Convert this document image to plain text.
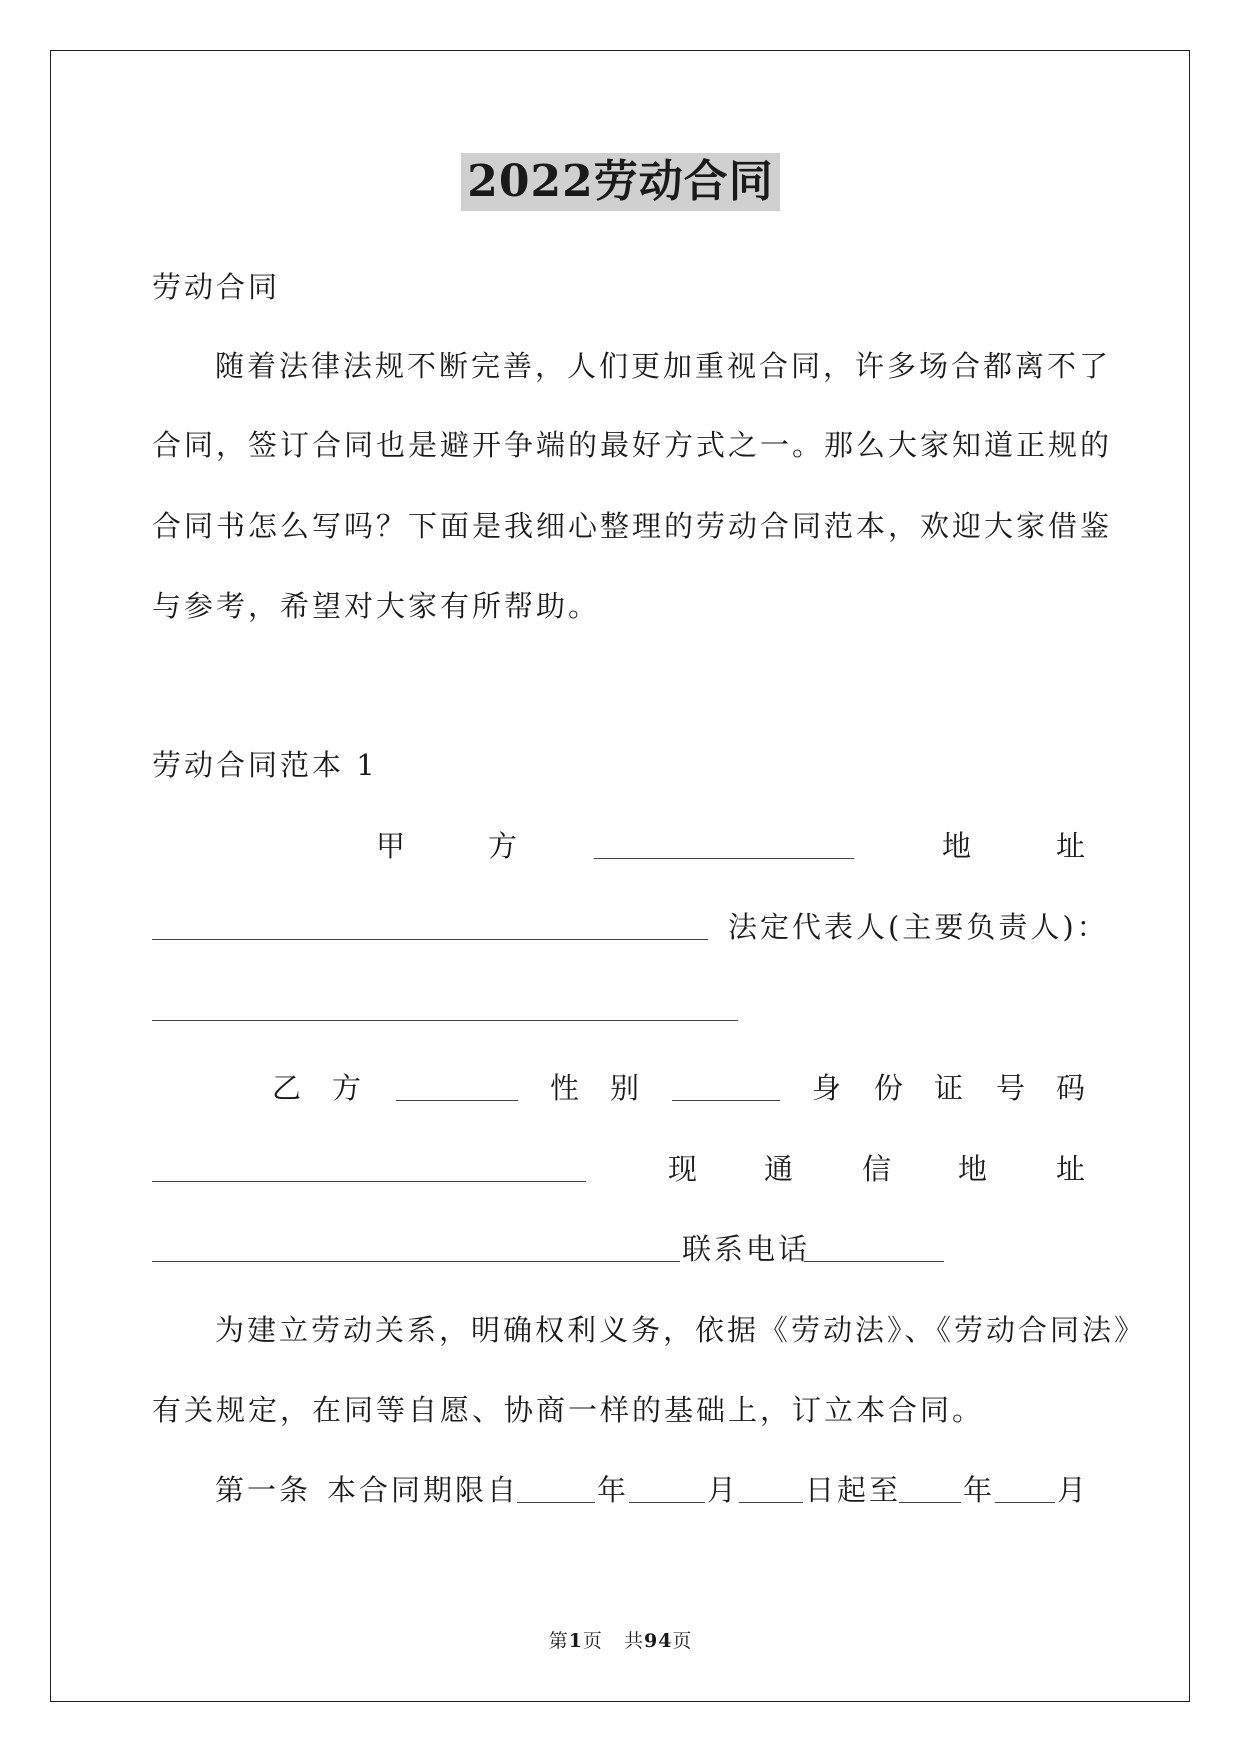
2022劳动合同
劳动合同
随着法律法规不断完善，人们更加重视合同，许多场合都离不了
合同，签订合同也是避开争端的最好方式之一。那么大家知道正规的
合同书怎么写吗？下面是我细心整理的劳动合同范本，欢迎大家借鉴
与参考，希望对大家有所帮助。
劳动合同范本 1
甲	方	地	址
法定代表人(主要负责人)：
乙 方	性 别	身 份 证 号 码
现 通 信 地 址
联系电话
为建立劳动关系，明确权利义务，依据《劳动法》、《劳动合同法》
有关规定，在同等自愿、协商一样的基础上，订立本合同。
第一条 本合同期限自	年	月 日起至 年 月
第1页 共94页
